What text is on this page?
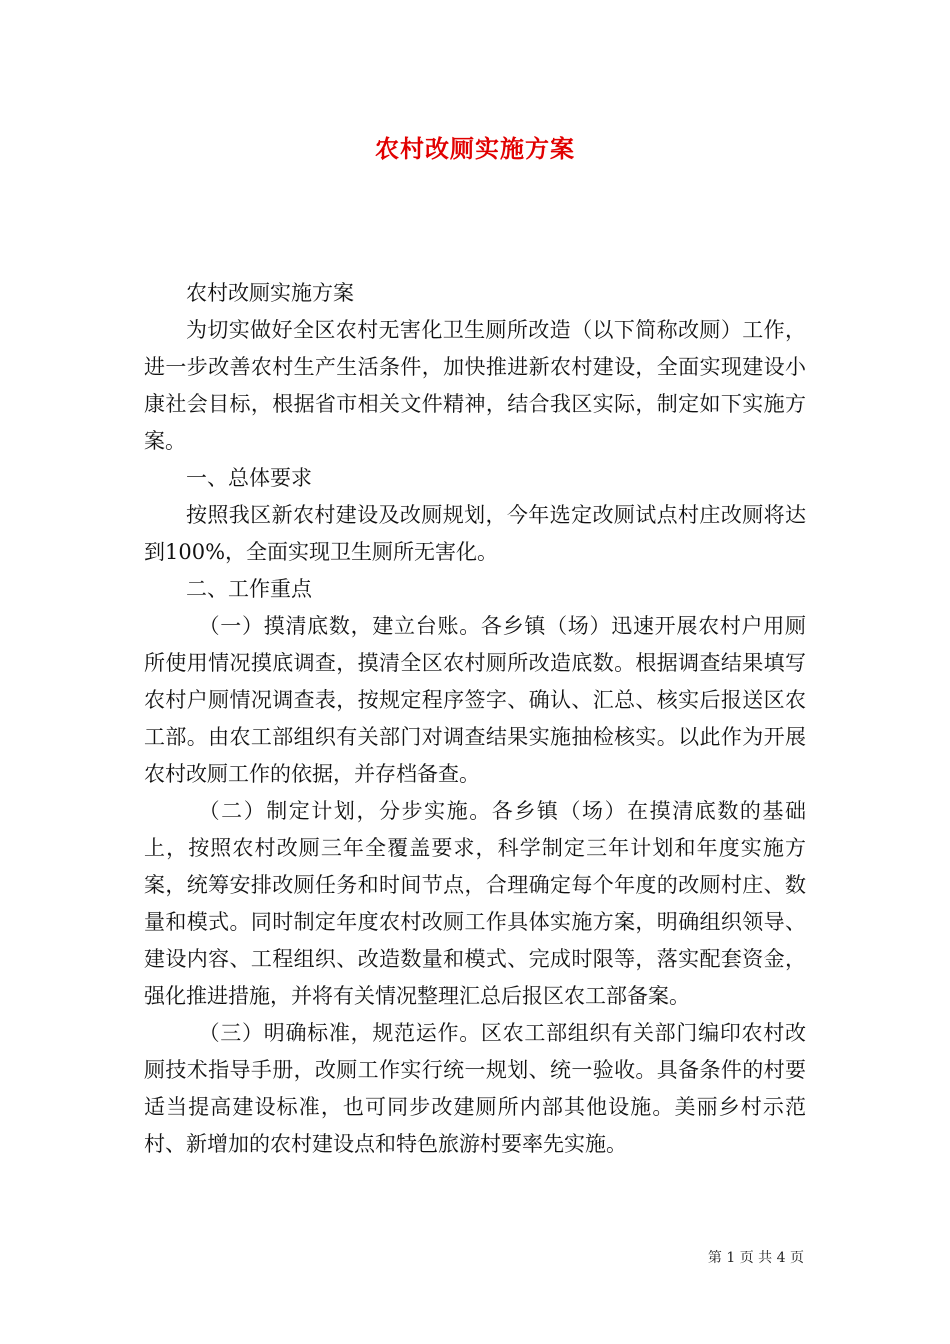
农村改厕实施方案

农村改厕实施方案

为切实做好全区农村无害化卫生厕所改造（以下简称改厕）工作，进一步改善农村生产生活条件，加快推进新农村建设，全面实现建设小康社会目标，根据省市相关文件精神，结合我区实际，制定如下实施方案。

一、总体要求

按照我区新农村建设及改厕规划，今年选定改厕试点村庄改厕将达到100%，全面实现卫生厕所无害化。

二、工作重点

（一）摸清底数，建立台账。各乡镇（场）迅速开展农村户用厕所使用情况摸底调查，摸清全区农村厕所改造底数。根据调查结果填写农村户厕情况调查表，按规定程序签字、确认、汇总、核实后报送区农工部。由农工部组织有关部门对调查结果实施抽检核实。以此作为开展农村改厕工作的依据，并存档备查。

（二）制定计划，分步实施。各乡镇（场）在摸清底数的基础上，按照农村改厕三年全覆盖要求，科学制定三年计划和年度实施方案，统筹安排改厕任务和时间节点，合理确定每个年度的改厕村庄、数量和模式。同时制定年度农村改厕工作具体实施方案，明确组织领导、建设内容、工程组织、改造数量和模式、完成时限等，落实配套资金，强化推进措施，并将有关情况整理汇总后报区农工部备案。

（三）明确标准，规范运作。区农工部组织有关部门编印农村改厕技术指导手册，改厕工作实行统一规划、统一验收。具备条件的村要适当提高建设标准，也可同步改建厕所内部其他设施。美丽乡村示范村、新增加的农村建设点和特色旅游村要率先实施。

第 1 页 共 4 页
